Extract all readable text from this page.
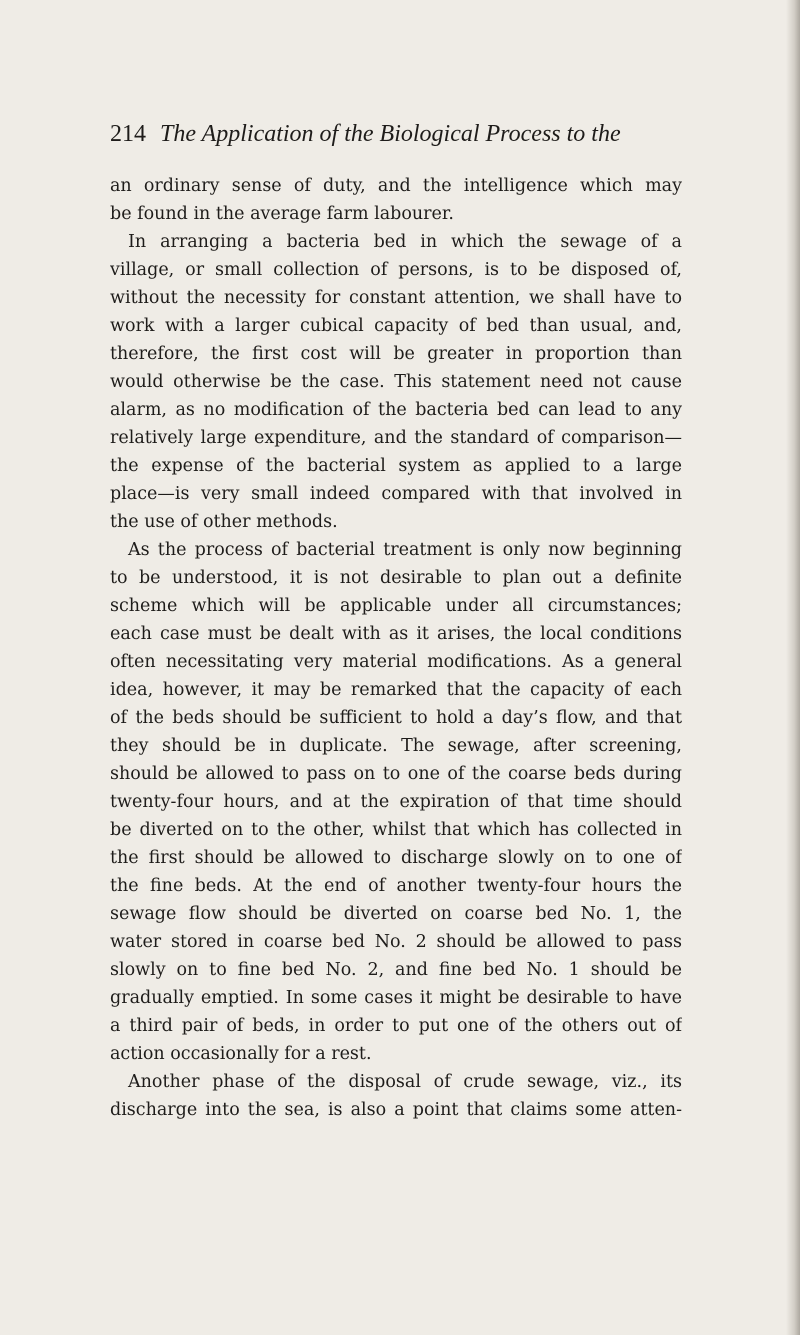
214 The Application of the Biological Process to the
an ordinary sense of duty, and the intelligence which may
be found in the average farm labourer.
In arranging a bacteria bed in which the sewage of a
village, or small collection of persons, is to be disposed of,
without the necessity for constant attention, we shall have to
work with a larger cubical capacity of bed than usual, and,
therefore, the first cost will be greater in proportion than
would otherwise be the case. This statement need not cause
alarm, as no modification of the bacteria bed can lead to any
relatively large expenditure, and the standard of comparison—
the expense of the bacterial system as applied to a large
place—is very small indeed compared with that involved in
the use of other methods.
As the process of bacterial treatment is only now beginning
to be understood, it is not desirable to plan out a definite
scheme which will be applicable under all circumstances;
each case must be dealt with as it arises, the local conditions
often necessitating very material modifications. As a general
idea, however, it may be remarked that the capacity of each
of the beds should be sufficient to hold a day’s flow, and that
they should be in duplicate. The sewage, after screening,
should be allowed to pass on to one of the coarse beds during
twenty-four hours, and at the expiration of that time should
be diverted on to the other, whilst that which has collected in
the first should be allowed to discharge slowly on to one of
the fine beds. At the end of another twenty-four hours the
sewage flow should be diverted on coarse bed No. 1, the
water stored in coarse bed No. 2 should be allowed to pass
slowly on to fine bed No. 2, and fine bed No. 1 should be
gradually emptied. In some cases it might be desirable to have
a third pair of beds, in order to put one of the others out of
action occasionally for a rest.
Another phase of the disposal of crude sewage, viz., its
discharge into the sea, is also a point that claims some atten-
